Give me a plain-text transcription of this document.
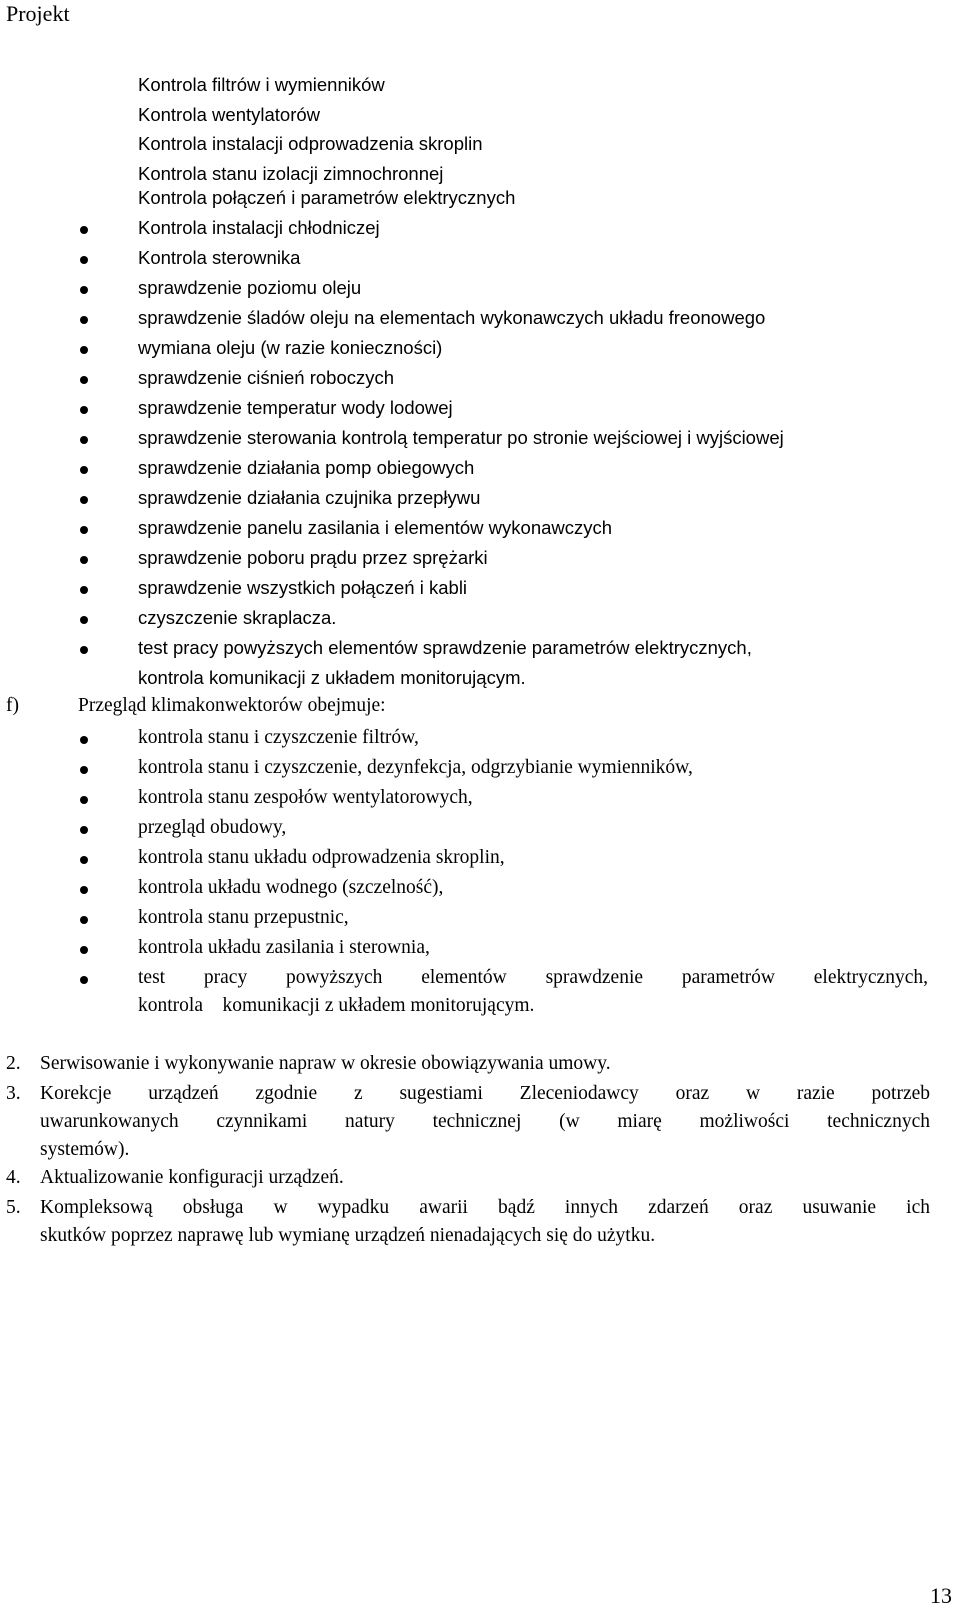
Projekt
Kontrola filtrów i wymienników
Kontrola wentylatorów
Kontrola instalacji odprowadzenia skroplin
Kontrola stanu izolacji zimnochronnej
Kontrola połączeń i parametrów elektrycznych
Kontrola instalacji chłodniczej
Kontrola sterownika
sprawdzenie poziomu oleju
sprawdzenie śladów oleju na elementach wykonawczych układu freonowego
wymiana oleju (w razie konieczności)
sprawdzenie ciśnień roboczych
sprawdzenie temperatur wody lodowej
sprawdzenie sterowania kontrolą temperatur po stronie wejściowej i wyjściowej
sprawdzenie działania pomp obiegowych
sprawdzenie działania czujnika przepływu
sprawdzenie panelu zasilania i elementów wykonawczych
sprawdzenie poboru prądu przez sprężarki
sprawdzenie wszystkich połączeń i kabli
czyszczenie skraplacza.
test pracy powyższych elementów sprawdzenie parametrów elektrycznych,
kontrola komunikacji z układem monitorującym.
f)	Przegląd klimakonwektorów obejmuje:
kontrola stanu i czyszczenie filtrów,
kontrola stanu i czyszczenie, dezynfekcja, odgrzybianie wymienników,
kontrola stanu zespołów wentylatorowych,
przegląd obudowy,
kontrola stanu układu odprowadzenia skroplin,
kontrola układu wodnego (szczelność),
kontrola stanu przepustnic,
kontrola układu zasilania i sterownia,
test pracy powyższych elementów sprawdzenie parametrów elektrycznych,
kontrola    komunikacji z układem monitorującym.
2. Serwisowanie i wykonywanie napraw w okresie obowiązywania umowy.
3. Korekcje urządzeń zgodnie z sugestiami Zleceniodawcy oraz w razie potrzeb
uwarunkowanych czynnikami natury technicznej (w miarę możliwości technicznych
systemów).
4. Aktualizowanie konfiguracji urządzeń.
5. Kompleksową obsługa w wypadku awarii bądź innych zdarzeń oraz usuwanie ich
skutków poprzez naprawę lub wymianę urządzeń nienadających się do użytku.
13
